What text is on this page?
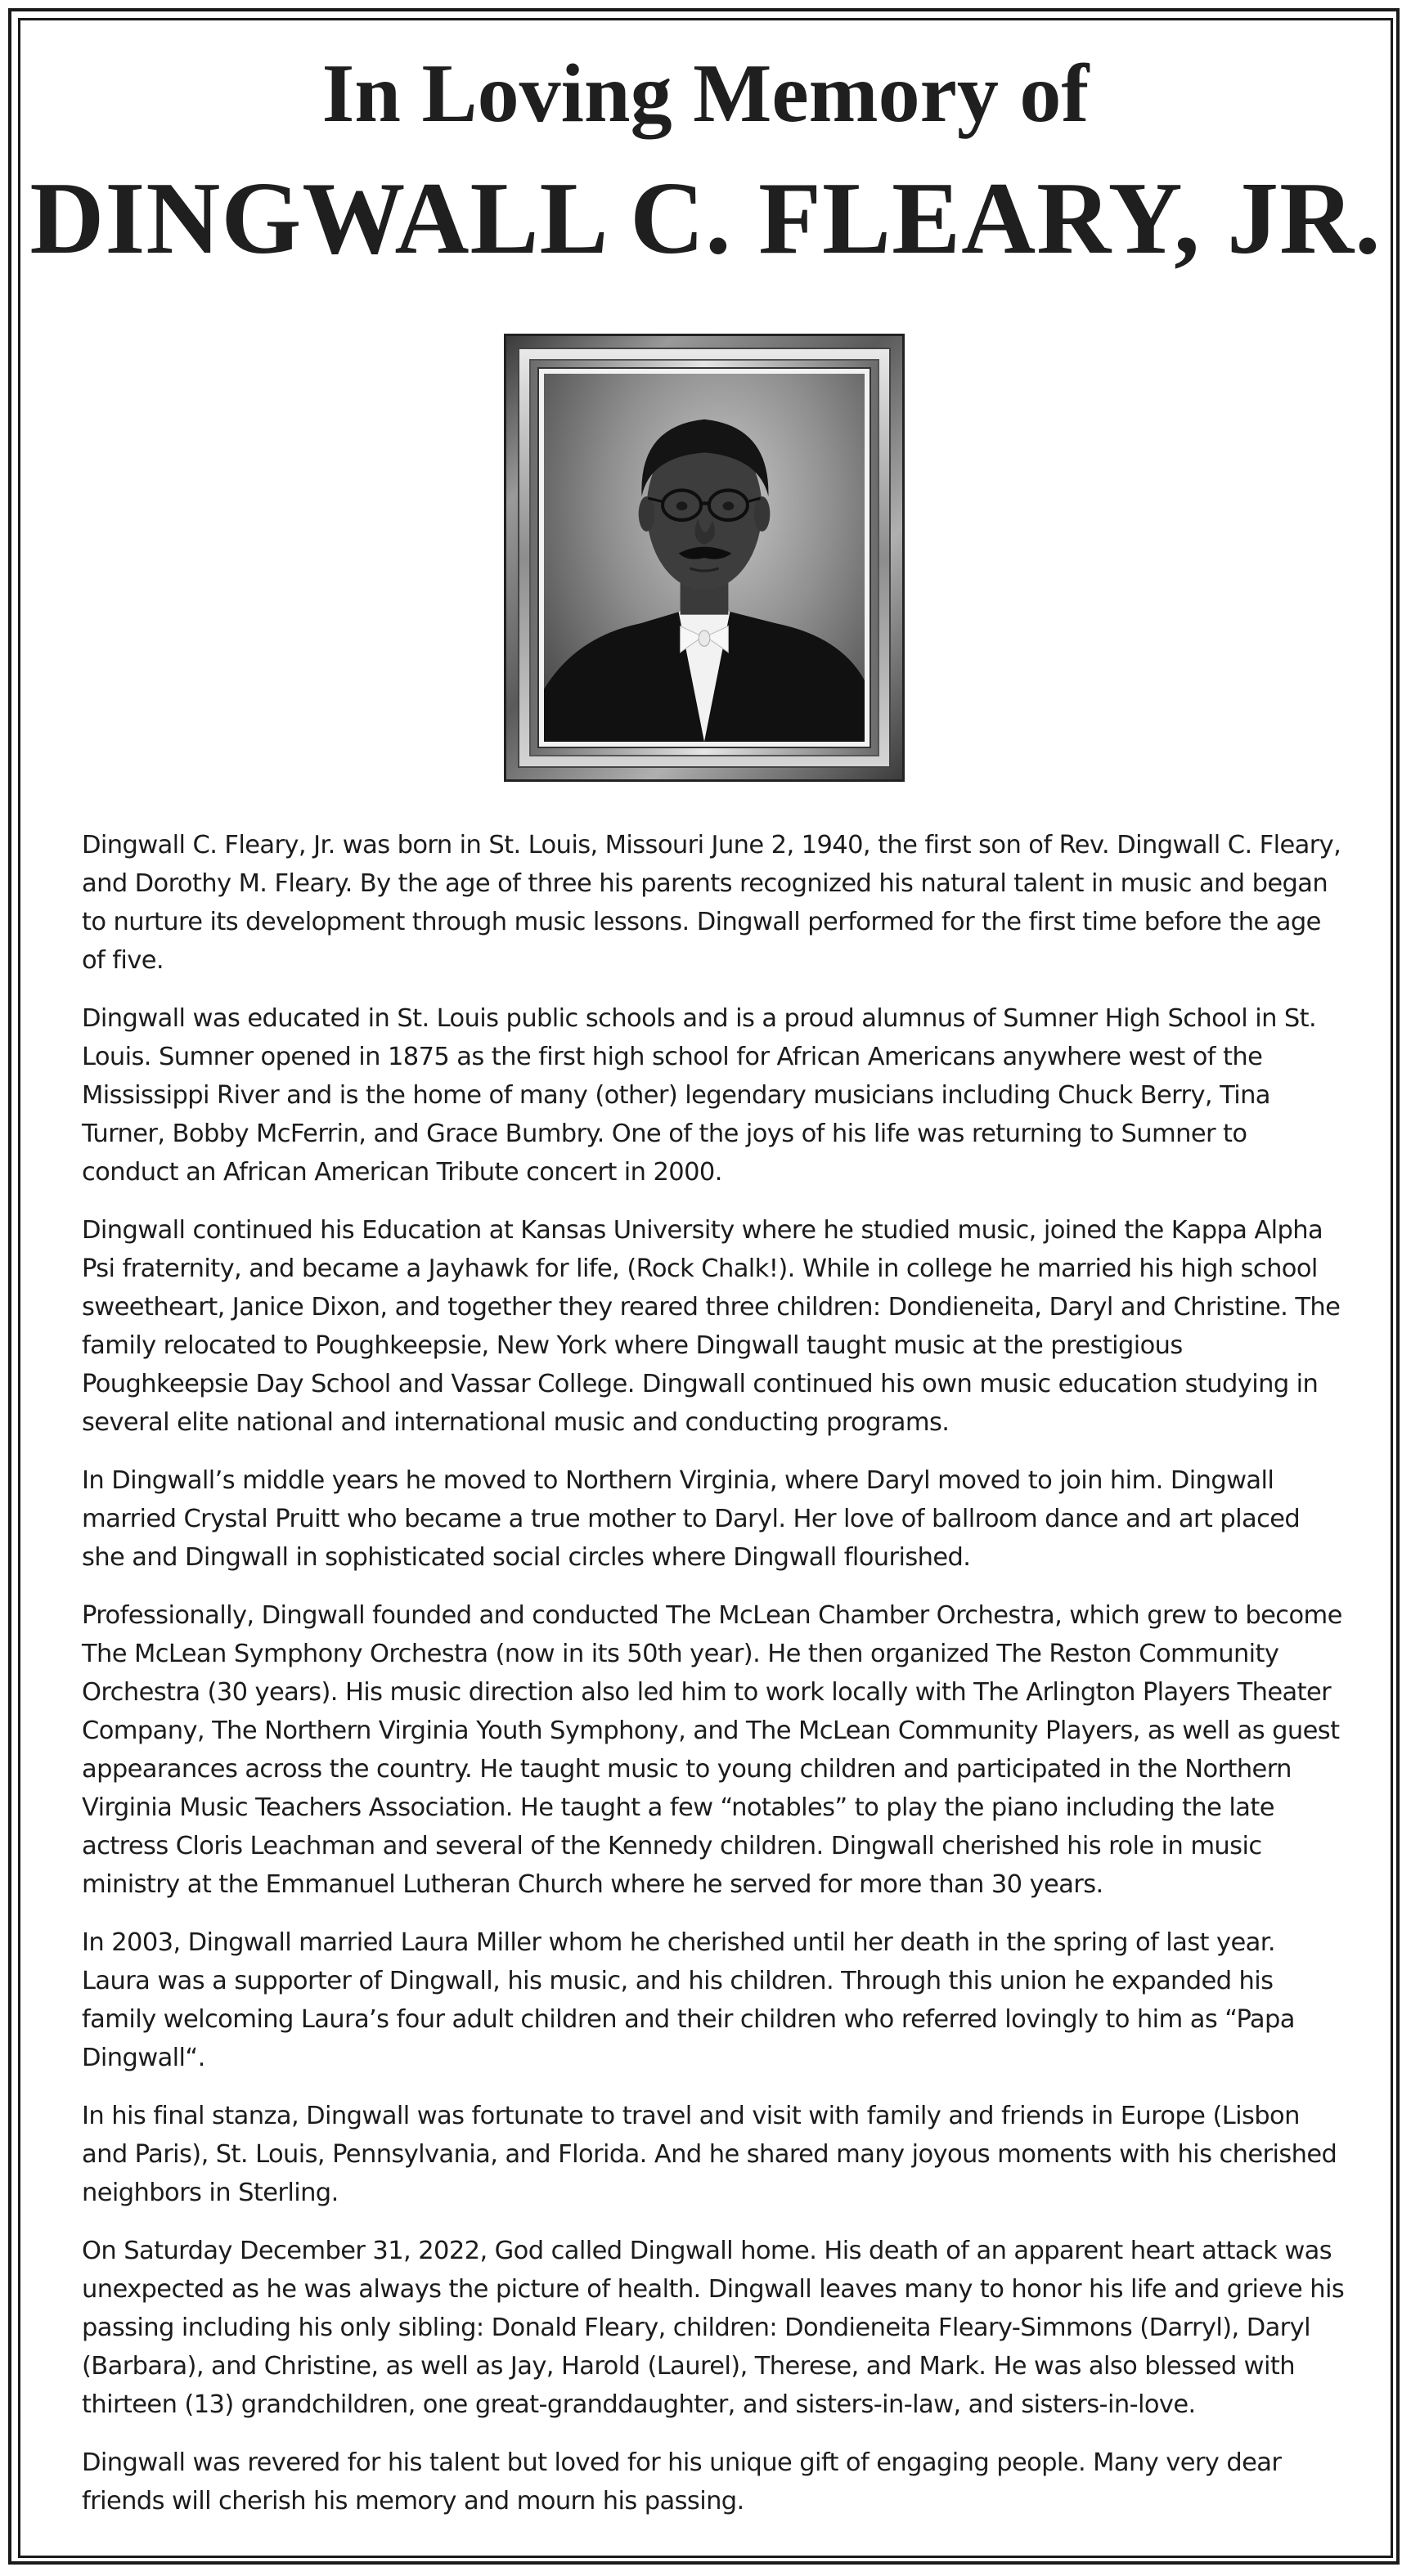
In Loving Memory of
DINGWALL C. FLEARY, JR.

Dingwall C. Fleary, Jr. was born in St. Louis, Missouri June 2, 1940, the first son of Rev. Dingwall C. Fleary, and Dorothy M. Fleary. By the age of three his parents recognized his natural talent in music and began to nurture its development through music lessons. Dingwall performed for the first time before the age of five.

Dingwall was educated in St. Louis public schools and is a proud alumnus of Sumner High School in St. Louis. Sumner opened in 1875 as the first high school for African Americans anywhere west of the Mississippi River and is the home of many (other) legendary musicians including Chuck Berry, Tina Turner, Bobby McFerrin, and Grace Bumbry. One of the joys of his life was returning to Sumner to conduct an African American Tribute concert in 2000.

Dingwall continued his Education at Kansas University where he studied music, joined the Kappa Alpha Psi fraternity, and became a Jayhawk for life, (Rock Chalk!). While in college he married his high school sweetheart, Janice Dixon, and together they reared three children: Dondieneita, Daryl and Christine. The family relocated to Poughkeepsie, New York where Dingwall taught music at the prestigious Poughkeepsie Day School and Vassar College. Dingwall continued his own music education studying in several elite national and international music and conducting programs.

In Dingwall’s middle years he moved to Northern Virginia, where Daryl moved to join him. Dingwall married Crystal Pruitt who became a true mother to Daryl. Her love of ballroom dance and art placed she and Dingwall in sophisticated social circles where Dingwall flourished.

Professionally, Dingwall founded and conducted The McLean Chamber Orchestra, which grew to become The McLean Symphony Orchestra (now in its 50th year). He then organized The Reston Community Orchestra (30 years). His music direction also led him to work locally with The Arlington Players Theater Company, The Northern Virginia Youth Symphony, and The McLean Community Players, as well as guest appearances across the country. He taught music to young children and participated in the Northern Virginia Music Teachers Association. He taught a few “notables” to play the piano including the late actress Cloris Leachman and several of the Kennedy children. Dingwall cherished his role in music ministry at the Emmanuel Lutheran Church where he served for more than 30 years.

In 2003, Dingwall married Laura Miller whom he cherished until her death in the spring of last year. Laura was a supporter of Dingwall, his music, and his children. Through this union he expanded his family welcoming Laura’s four adult children and their children who referred lovingly to him as “Papa Dingwall“.

In his final stanza, Dingwall was fortunate to travel and visit with family and friends in Europe (Lisbon and Paris), St. Louis, Pennsylvania, and Florida. And he shared many joyous moments with his cherished neighbors in Sterling.

On Saturday December 31, 2022, God called Dingwall home. His death of an apparent heart attack was unexpected as he was always the picture of health. Dingwall leaves many to honor his life and grieve his passing including his only sibling: Donald Fleary, children: Dondieneita Fleary-Simmons (Darryl), Daryl (Barbara), and Christine, as well as Jay, Harold (Laurel), Therese, and Mark. He was also blessed with thirteen (13) grandchildren, one great-granddaughter, and sisters-in-law, and sisters-in-love.

Dingwall was revered for his talent but loved for his unique gift of engaging people. Many very dear friends will cherish his memory and mourn his passing.
